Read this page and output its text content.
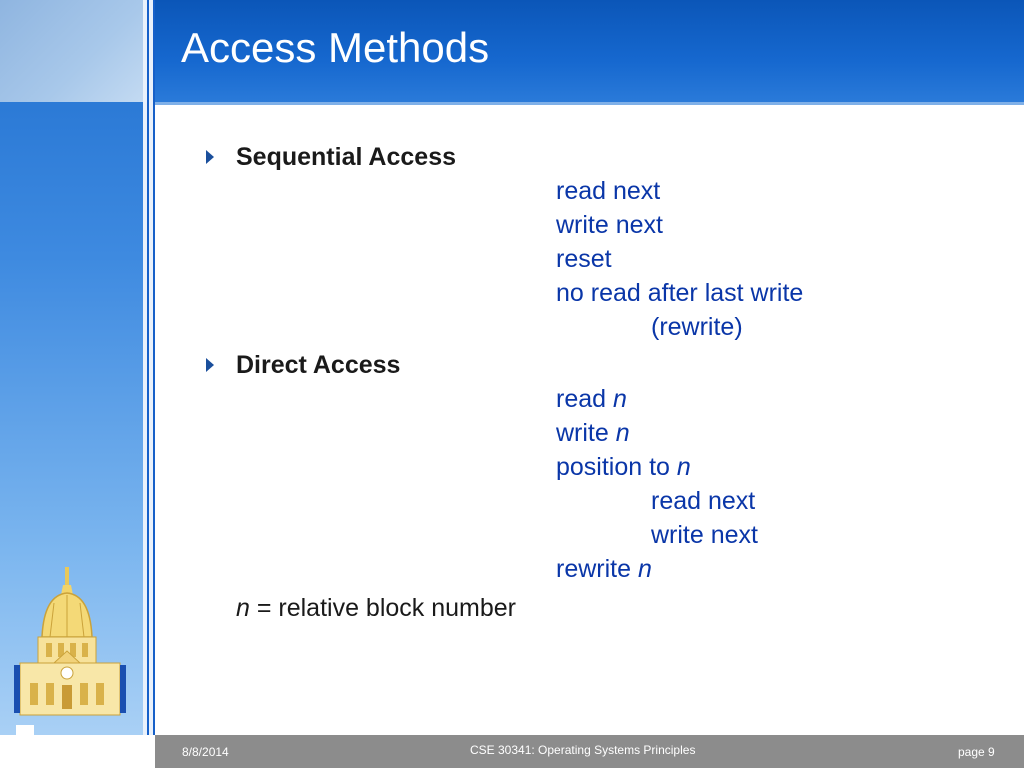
Access Methods
Sequential Access
read next
write next
reset
no read after last write
(rewrite)
Direct Access
read n
write n
position to n
read next
write next
rewrite n
n = relative block number
8/8/2014	CSE 30341: Operating Systems Principles	page 9
